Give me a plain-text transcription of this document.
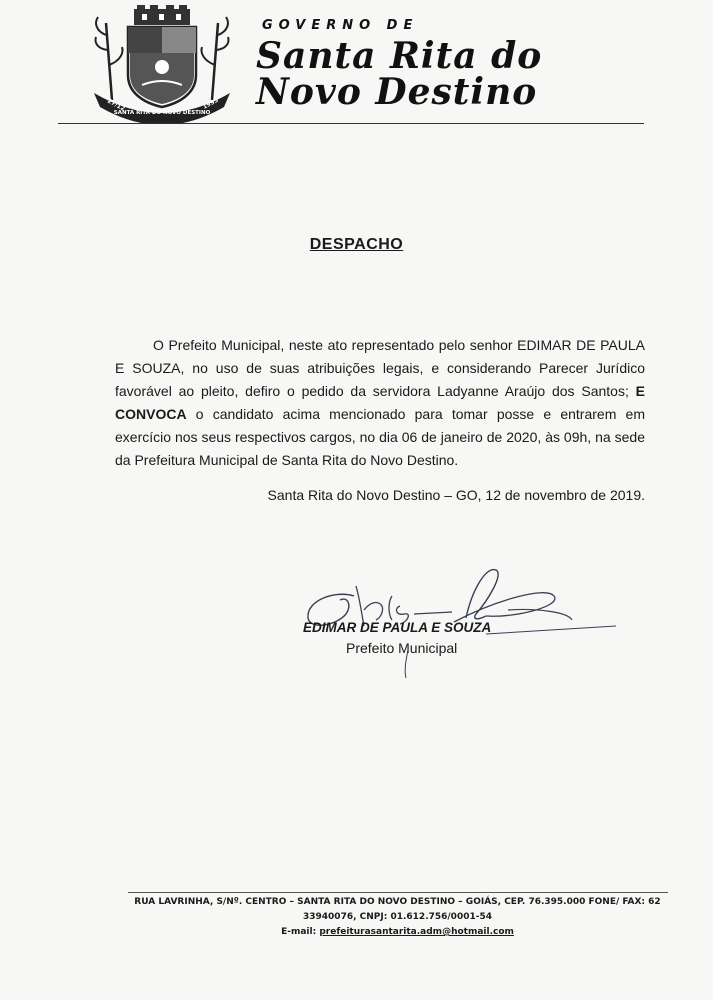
SANTA RITA DO NOVO DESTINO
27/12	1995
GOVERNO DE
Santa Rita do
Novo Destino
DESPACHO
O Prefeito Municipal, neste ato representado pelo senhor EDIMAR DE PAULA E SOUZA, no uso de suas atribuições legais, e considerando Parecer Jurídico favorável ao pleito, defiro o pedido da servidora Ladyanne Araújo dos Santos; E CONVOCA o candidato acima mencionado para tomar posse e entrarem em exercício nos seus respectivos cargos, no dia 06 de janeiro de 2020, às 09h, na sede da Prefeitura Municipal de Santa Rita do Novo Destino.
Santa Rita do Novo Destino – GO, 12 de novembro de 2019.
EDIMAR DE PAULA E SOUZA
Prefeito Municipal
RUA LAVRINHA, S/Nº. CENTRO – SANTA RITA DO NOVO DESTINO – GOIÁS, CEP. 76.395.000 FONE/ FAX: 62
33940076, CNPJ: 01.612.756/0001-54
E-mail: prefeiturasantarita.adm@hotmail.com
